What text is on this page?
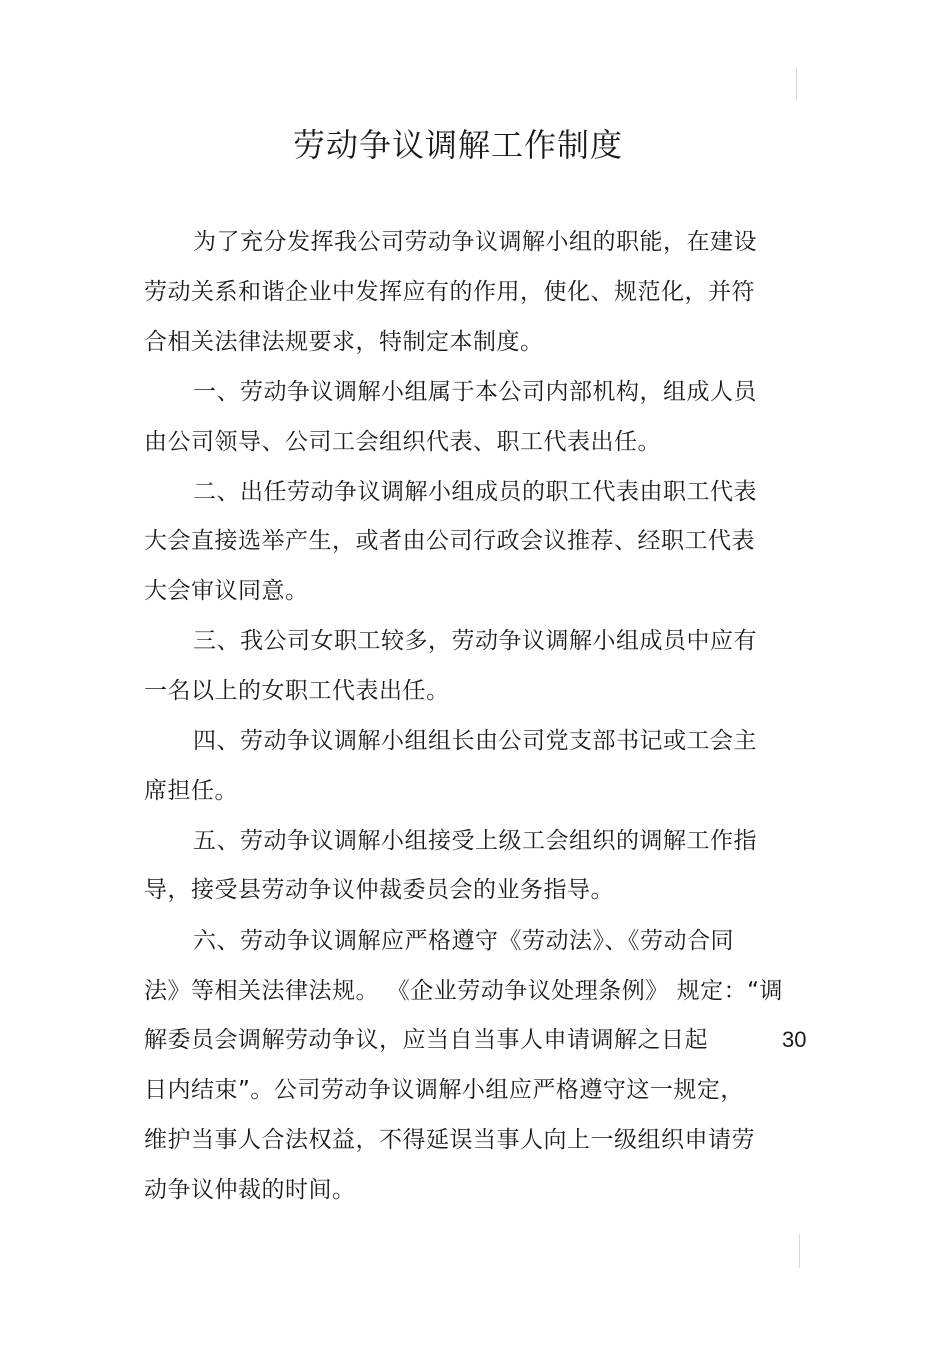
劳动争议调解工作制度
为了充分发挥我公司劳动争议调解小组的职能，在建设
劳动关系和谐企业中发挥应有的作用，使化、规范化，并符
合相关法律法规要求，特制定本制度。
一、劳动争议调解小组属于本公司内部机构，组成人员
由公司领导、公司工会组织代表、职工代表出任。
二、出任劳动争议调解小组成员的职工代表由职工代表
大会直接选举产生，或者由公司行政会议推荐、经职工代表
大会审议同意。
三、我公司女职工较多，劳动争议调解小组成员中应有
一名以上的女职工代表出任。
四、劳动争议调解小组组长由公司党支部书记或工会主
席担任。
五、劳动争议调解小组接受上级工会组织的调解工作指
导，接受县劳动争议仲裁委员会的业务指导。
六、劳动争议调解应严格遵守《劳动法》、《劳动合同
法》等相关法律法规。 《企业劳动争议处理条例》 规定：“调
解委员会调解劳动争议，应当自当事人申请调解之日起	30
日内结束”。公司劳动争议调解小组应严格遵守这一规定，
维护当事人合法权益，不得延误当事人向上一级组织申请劳
动争议仲裁的时间。
